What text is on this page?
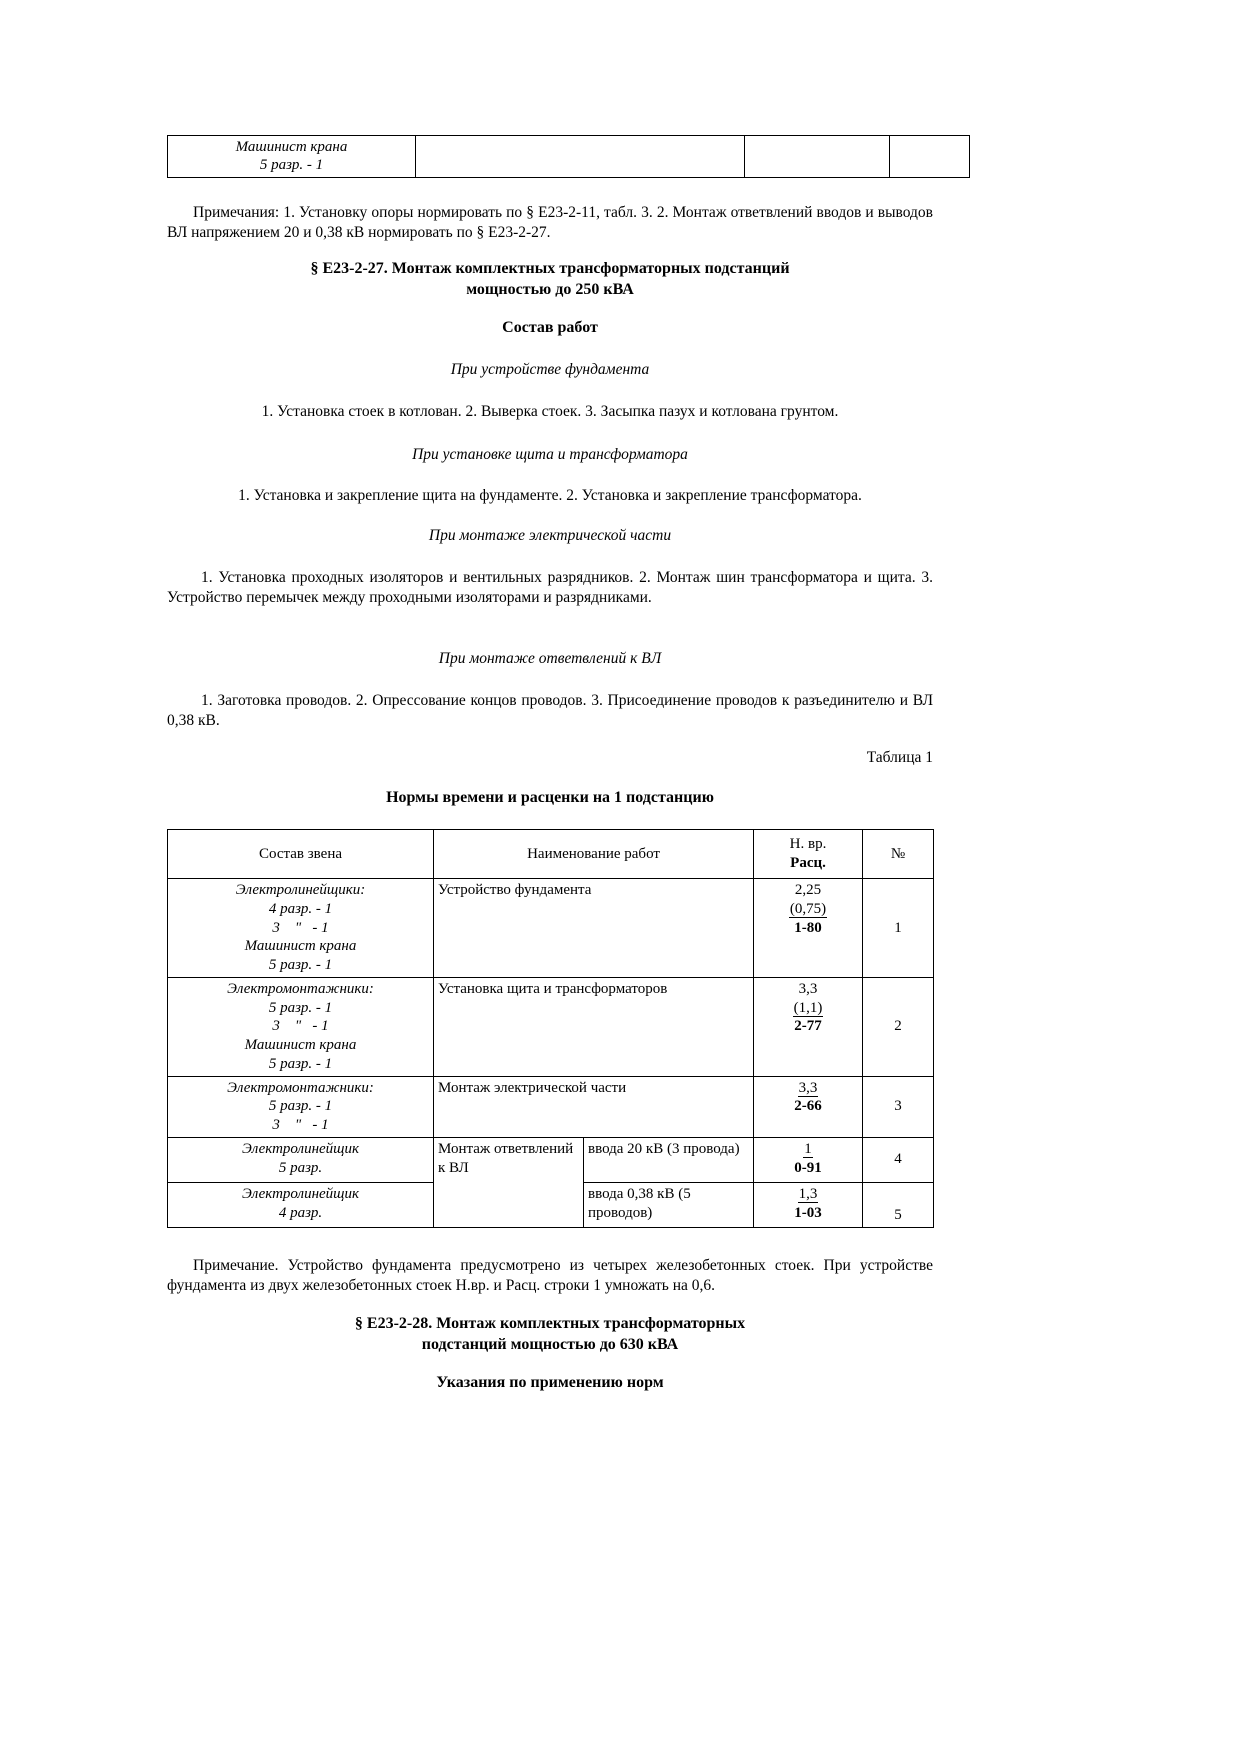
Машинист крана
5 разр. - 1

Примечания: 1. Установку опоры нормировать по § Е23-2-11, табл. 3. 2. Монтаж ответвлений вводов и выводов ВЛ напряжением 20 и 0,38 кВ нормировать по § Е23-2-27.

§ Е23-2-27. Монтаж комплектных трансформаторных подстанций
мощностью до 250 кВА
Состав работ
При устройстве фундамента

1. Установка стоек в котлован. 2. Выверка стоек. 3. Засыпка пазух и котлована грунтом.

При установке щита и трансформатора

1. Установка и закрепление щита на фундаменте. 2. Установка и закрепление трансформатора.

При монтаже электрической части

1. Установка проходных изоляторов и вентильных разрядников. 2. Монтаж шин трансформатора и щита. 3. Устройство перемычек между проходными изоляторами и разрядниками.

При монтаже ответвлений к ВЛ

1. Заготовка проводов. 2. Опрессование концов проводов. 3. Присоединение проводов к разъединителю и ВЛ 0,38 кВ.

Таблица 1
Нормы времени и расценки на 1 подстанцию
Состав звена	Наименование работ		Н. вр.
Расц.	№

Электролинейщики:
4 разр. - 1
3    "   - 1
Машинист крана
5 разр. - 1	Устройство фундамента		2,25
(0,75)
1-80	1

Электромонтажники:
5 разр. - 1
3    "   - 1
Машинист крана
5 разр. - 1	Установка щита и трансформаторов		3,3
(1,1)
2-77	2

Электромонтажники:
5 разр. - 1
3    "   - 1	Монтаж электрической части		3,3
2-66	3

Электролинейщик
5 разр.	Монтаж ответвлений к ВЛ	ввода 20 кВ (3 провода)	1
0-91	4

Электролинейщик
4 разр.		ввода 0,38 кВ (5 проводов)	1,3
1-03	5

Примечание. Устройство фундамента предусмотрено из четырех железобетонных стоек. При устройстве фундамента из двух железобетонных стоек Н.вр. и Расц. строки 1 умножать на 0,6.

§ Е23-2-28. Монтаж комплектных трансформаторных
подстанций мощностью до 630 кВА
Указания по применению норм
